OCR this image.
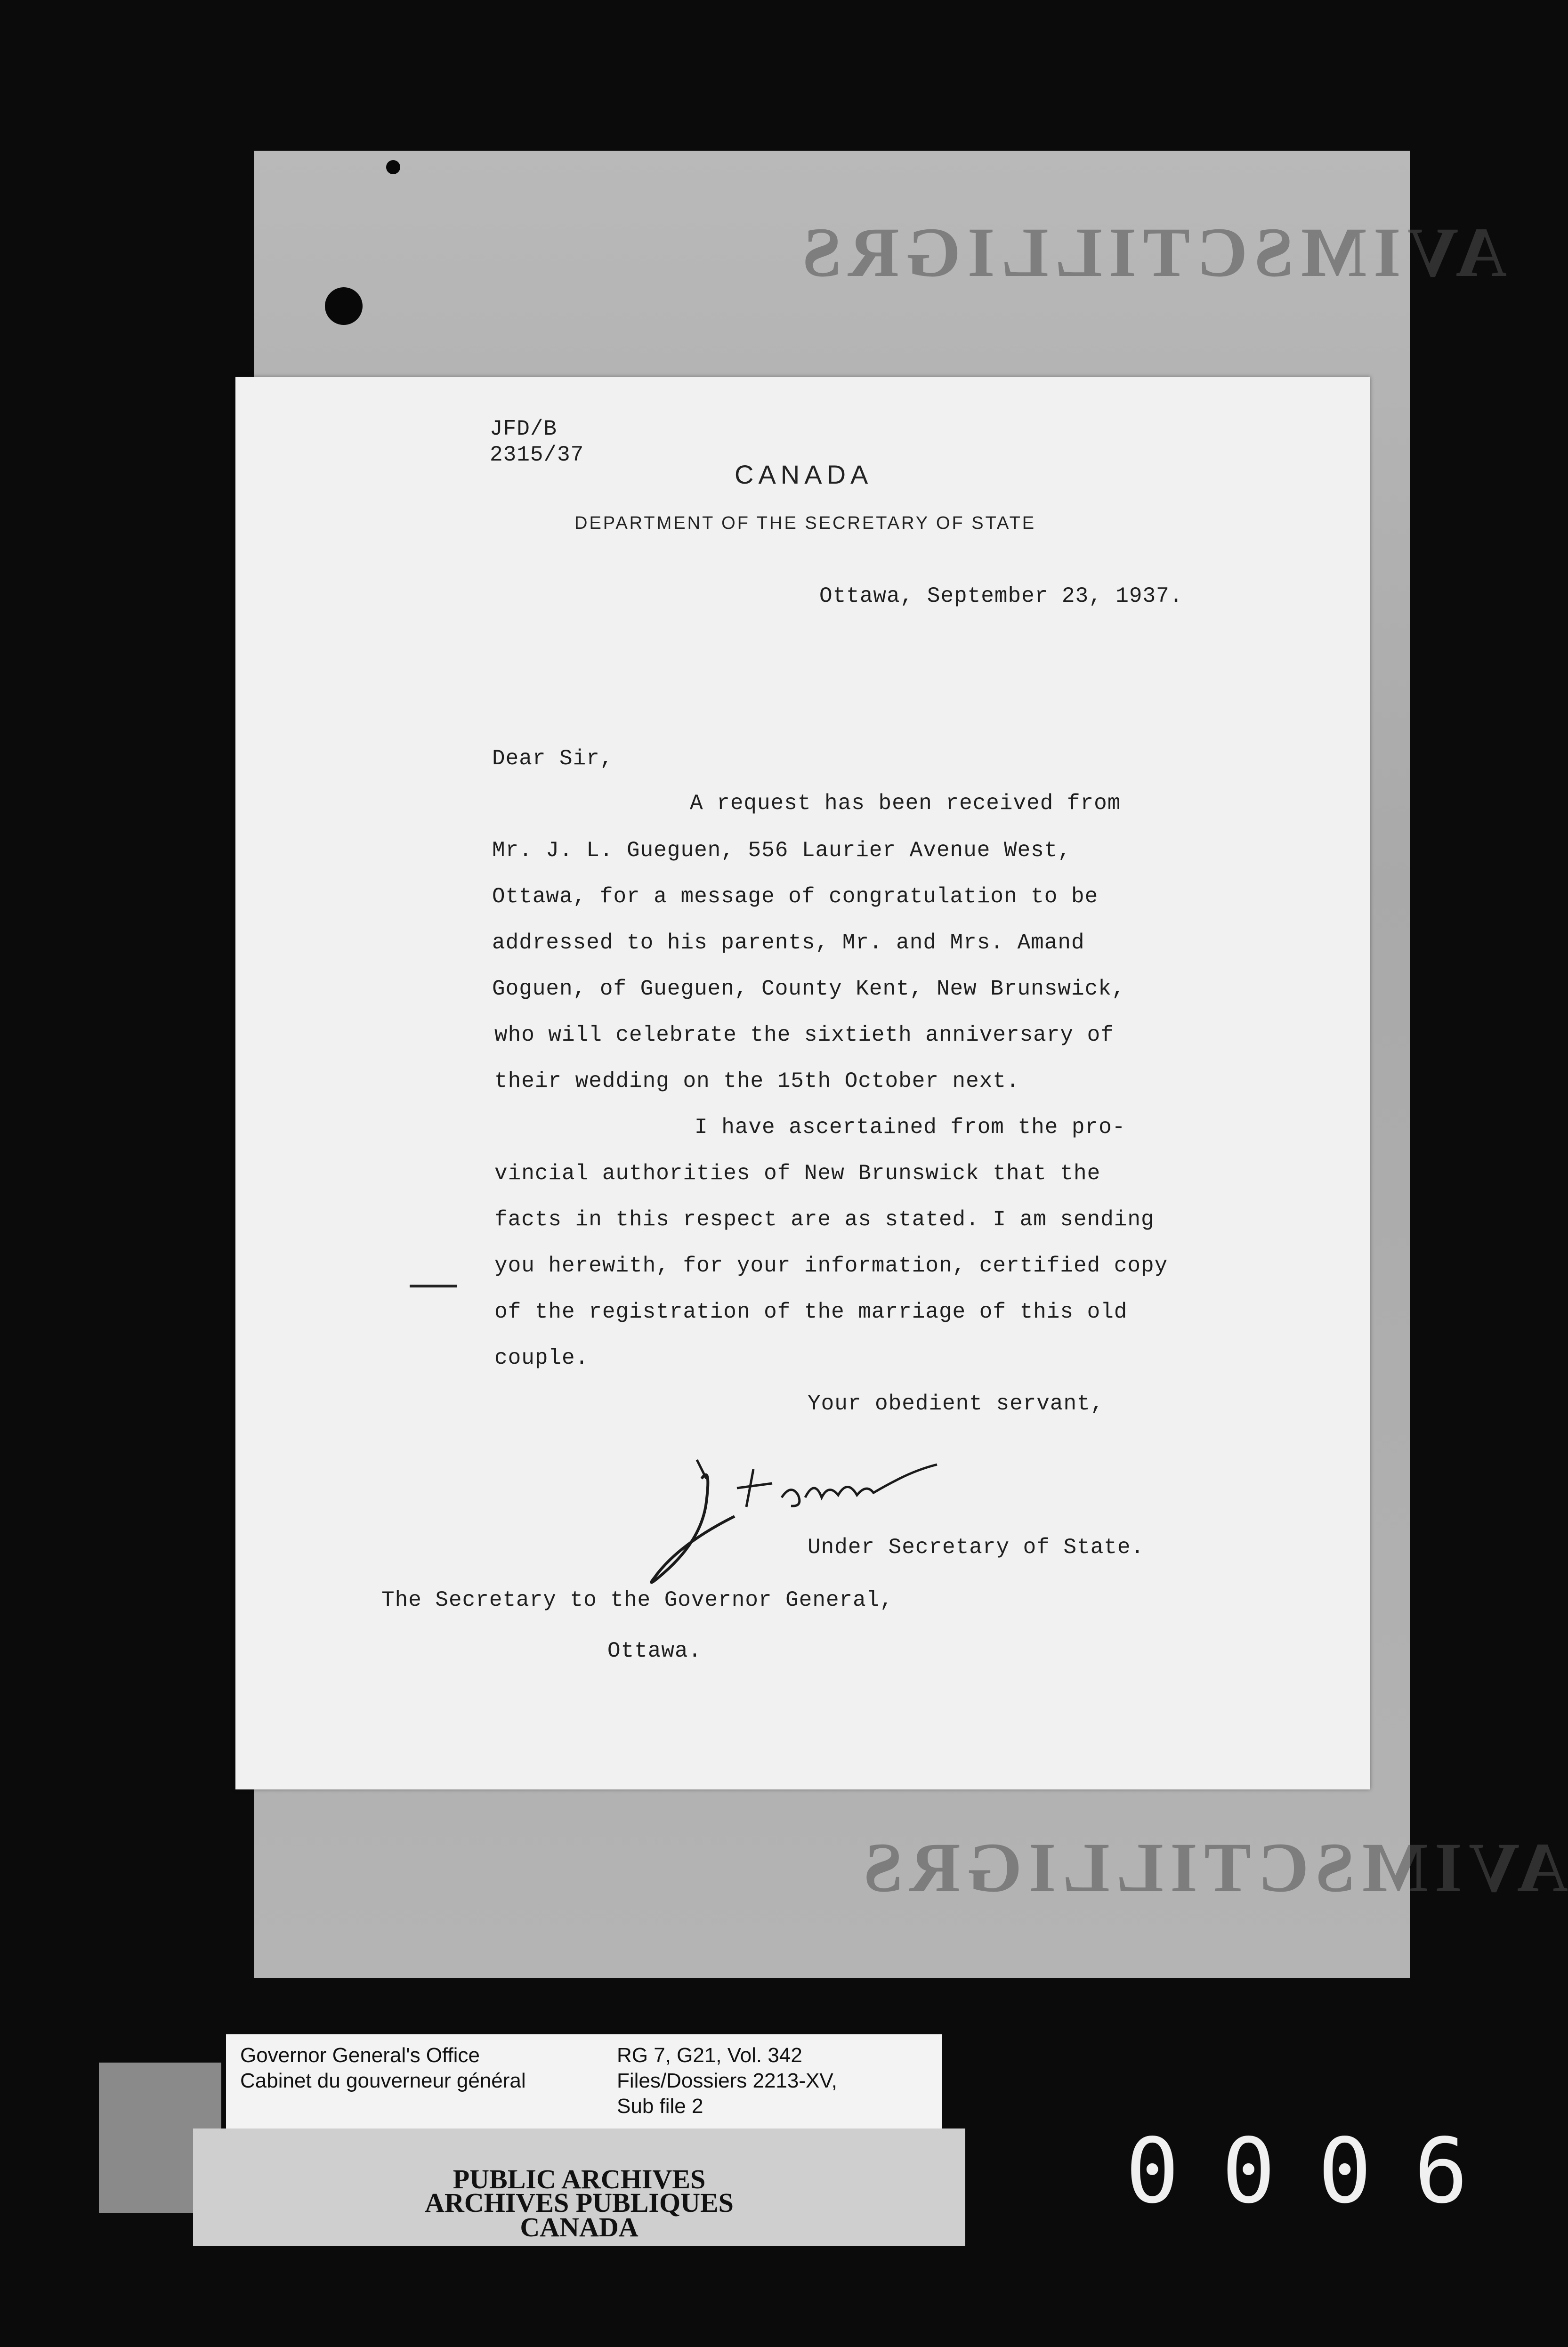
AVIMSCTILLIGRS
AVIMSCTILLIGRS

JFD/B

2315/37

CANADA

DEPARTMENT OF THE SECRETARY OF STATE

Ottawa, September 23, 1937.

Dear Sir,

A request has been received from

Mr. J. L. Gueguen, 556 Laurier Avenue West,

Ottawa, for a message of congratulation to be

addressed to his parents, Mr. and Mrs. Amand

Goguen, of Gueguen, County Kent, New Brunswick,

who will celebrate the sixtieth anniversary of

their wedding on the 15th October next.

I have ascertained from the pro-

vincial authorities of New Brunswick that the

facts in this respect are as stated. I am sending

you herewith, for your information, certified copy

of the registration of the marriage of this old

couple.

Your obedient servant,

Under Secretary of State.

The Secretary to the Governor General,

Ottawa.

Governor General's Office

Cabinet du gouverneur général

RG 7, G21, Vol. 342

Files/Dossiers 2213-XV,

Sub file 2

PUBLIC ARCHIVES

ARCHIVES PUBLIQUES

CANADA

0006
